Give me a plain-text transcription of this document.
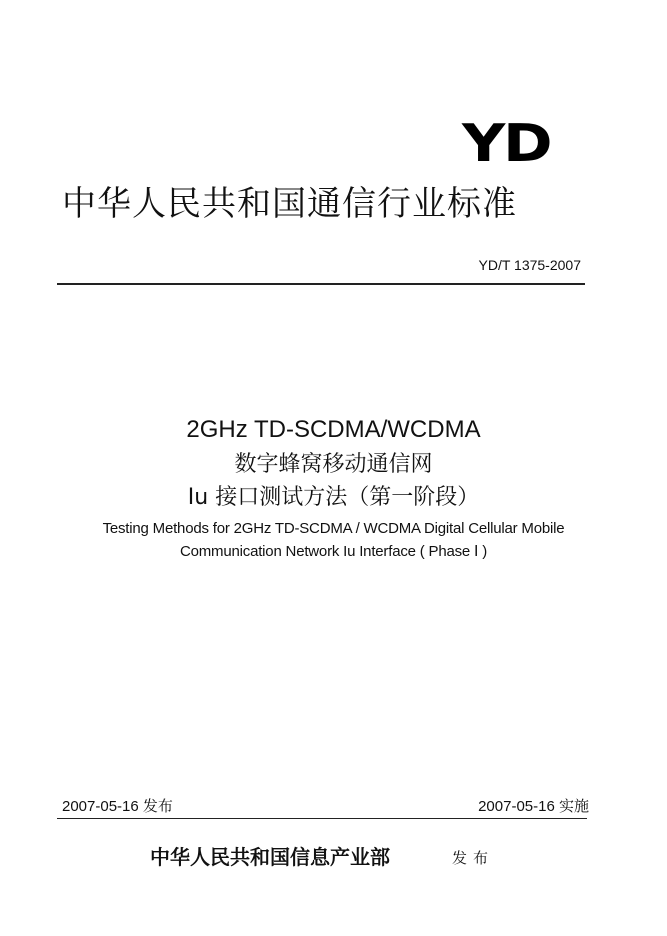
YD
中华人民共和国通信行业标准
YD/T 1375-2007
2GHz TD-SCDMA/WCDMA
数字蜂窝移动通信网
Iu 接口测试方法（第一阶段）
Testing Methods for 2GHz TD-SCDMA / WCDMA Digital Cellular Mobile
Communication Network Iu Interface ( Phase Ⅰ )
2007-05-16 发布	2007-05-16 实施
中华人民共和国信息产业部	发布
